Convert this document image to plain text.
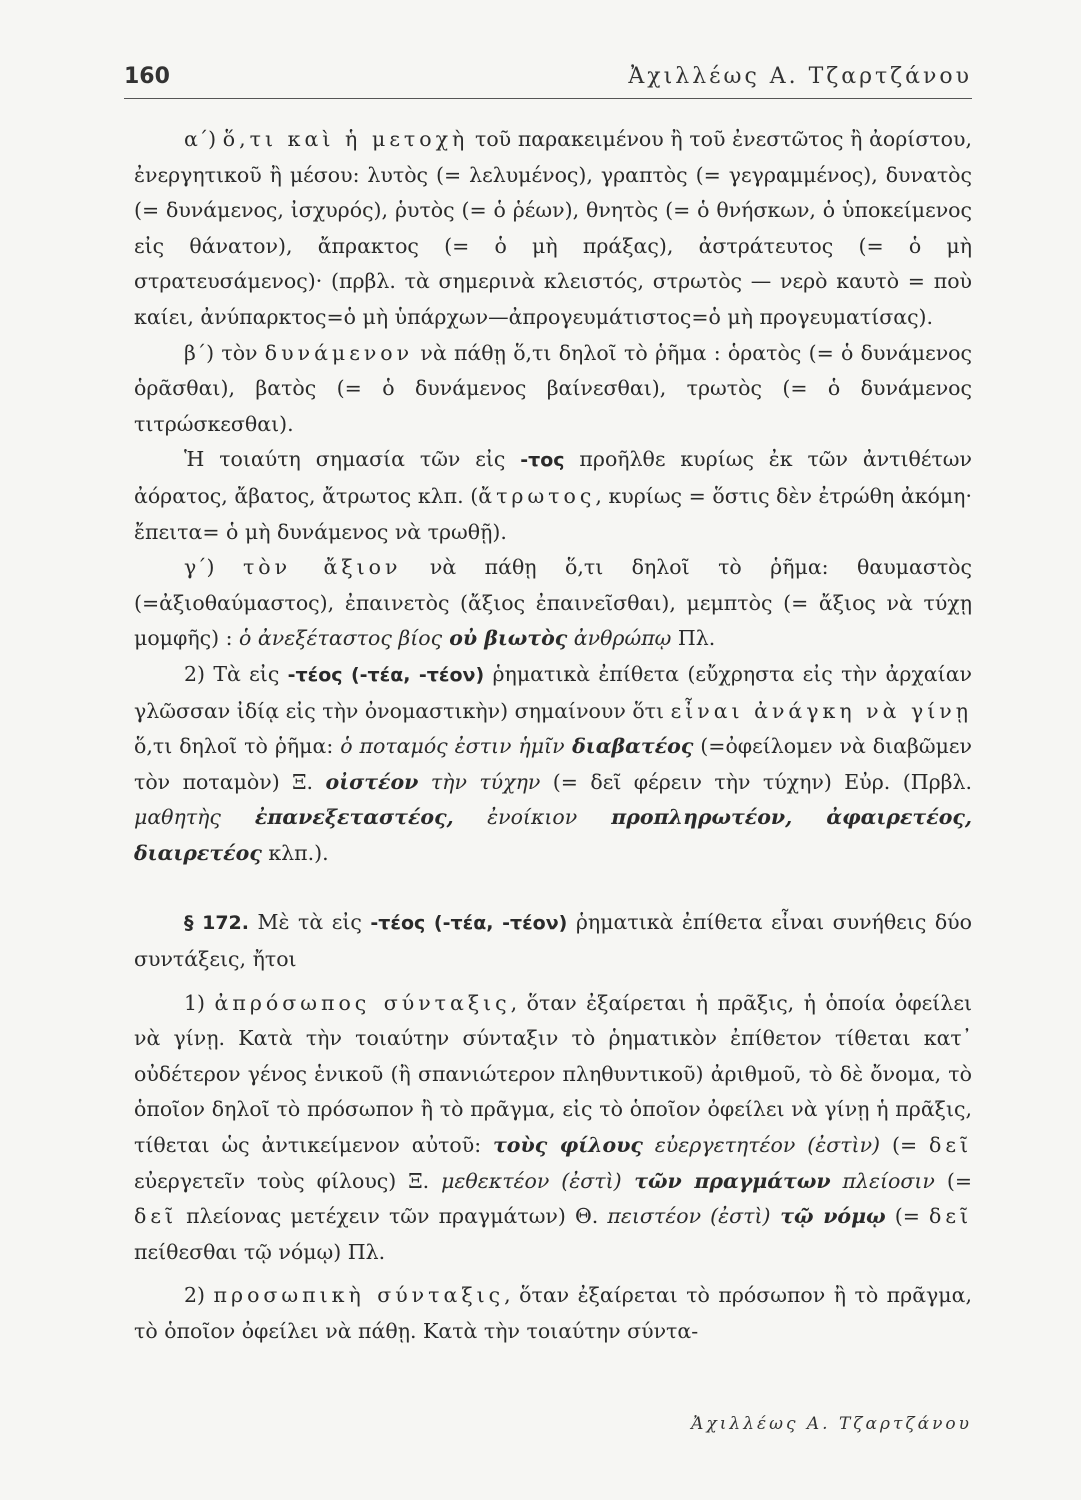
160	Ἀχιλλέως Α. Τζαρτζάνου

α΄) ὅ,τι καὶ ἡ μετοχὴ τοῦ παρακειμένου ἢ τοῦ ἐνεστῶτος ἢ ἀορίστου, ἐνεργητικοῦ ἢ μέσου: λυτὸς (= λελυμένος), γραπτὸς (= γεγραμμένος), δυνατὸς (= δυνάμενος, ἰσχυρός), ῥυτὸς (= ὁ ῥέων), θνητὸς (= ὁ θνήσκων, ὁ ὑποκείμενος εἰς θάνατον), ἄπρακτος (= ὁ μὴ πράξας), ἀστράτευτος (= ὁ μὴ στρατευσάμενος)· (πρβλ. τὰ σημερινὰ κλειστός, στρωτὸς — νερὸ καυτὸ = ποὺ καίει, ἀνύπαρκτος=ὁ μὴ ὑπάρχων—ἀπρογευμάτιστος=ὁ μὴ προγευματίσας).

β΄) τὸν δυνάμενον νὰ πάθῃ ὅ,τι δηλοῖ τὸ ῥῆμα : ὁρατὸς (= ὁ δυνάμενος ὁρᾶσθαι), βατὸς (= ὁ δυνάμενος βαίνεσθαι), τρωτὸς (= ὁ δυνάμενος τιτρώσκεσθαι).

Ἡ τοιαύτη σημασία τῶν εἰς -τος προῆλθε κυρίως ἐκ τῶν ἀντιθέτων ἀόρατος, ἄβατος, ἄτρωτος κλπ. (ἄτρωτος, κυρίως = ὅστις δὲν ἐτρώθη ἀκόμη· ἔπειτα= ὁ μὴ δυνάμενος νὰ τρωθῇ).

γ΄) τὸν ἄξιον νὰ πάθῃ ὅ,τι δηλοῖ τὸ ῥῆμα: θαυμαστὸς (=ἀξιοθαύμαστος), ἐπαινετὸς (ἄξιος ἐπαινεῖσθαι), μεμπτὸς (= ἄξιος νὰ τύχῃ μομφῆς) : ὁ ἀνεξέταστος βίος οὐ βιωτὸς ἀνθρώπῳ Πλ.

2) Τὰ εἰς -τέος (-τέα, -τέον) ῥηματικὰ ἐπίθετα (εὔχρηστα εἰς τὴν ἀρχαίαν γλῶσσαν ἰδίᾳ εἰς τὴν ὀνομαστικὴν) σημαίνουν ὅτι εἶναι ἀνάγκη νὰ γίνῃ ὅ,τι δηλοῖ τὸ ῥῆμα: ὁ ποταμός ἐστιν ἡμῖν διαβατέος (=ὀφείλομεν νὰ διαβῶμεν τὸν ποταμὸν) Ξ. οἰστέον τὴν τύχην (= δεῖ φέρειν τὴν τύχην) Εὐρ. (Πρβλ. μαθητὴς ἐπανεξεταστέος, ἐνοίκιον προπληρωτέον, ἀφαιρετέος, διαιρετέος κλπ.).

§ 172. Μὲ τὰ εἰς -τέος (-τέα, -τέον) ῥηματικὰ ἐπίθετα εἶναι συνήθεις δύο συντάξεις, ἤτοι

1) ἀπρόσωπος σύνταξις, ὅταν ἐξαίρεται ἡ πρᾶξις, ἡ ὁποία ὀφείλει νὰ γίνῃ. Κατὰ τὴν τοιαύτην σύνταξιν τὸ ῥηματικὸν ἐπίθετον τίθεται κατ᾽ οὐδέτερον γένος ἑνικοῦ (ἢ σπανιώτερον πληθυντικοῦ) ἀριθμοῦ, τὸ δὲ ὄνομα, τὸ ὁποῖον δηλοῖ τὸ πρόσωπον ἢ τὸ πρᾶγμα, εἰς τὸ ὁποῖον ὀφείλει νὰ γίνῃ ἡ πρᾶξις, τίθεται ὡς ἀντικείμενον αὐτοῦ: τοὺς φίλους εὐεργετητέον (ἐστὶν) (= δεῖ εὐεργετεῖν τοὺς φίλους) Ξ. μεθεκτέον (ἐστὶ) τῶν πραγμάτων πλείοσιν (= δεῖ πλείονας μετέχειν τῶν πραγμάτων) Θ. πειστέον (ἐστὶ) τῷ νόμῳ (= δεῖ πείθεσθαι τῷ νόμῳ) Πλ.

2) προσωπικὴ σύνταξις, ὅταν ἐξαίρεται τὸ πρόσωπον ἢ τὸ πρᾶγμα, τὸ ὁποῖον ὀφείλει νὰ πάθῃ. Κατὰ τὴν τοιαύτην σύντα-

Ἀχιλλέως Α. Τζαρτζάνου
